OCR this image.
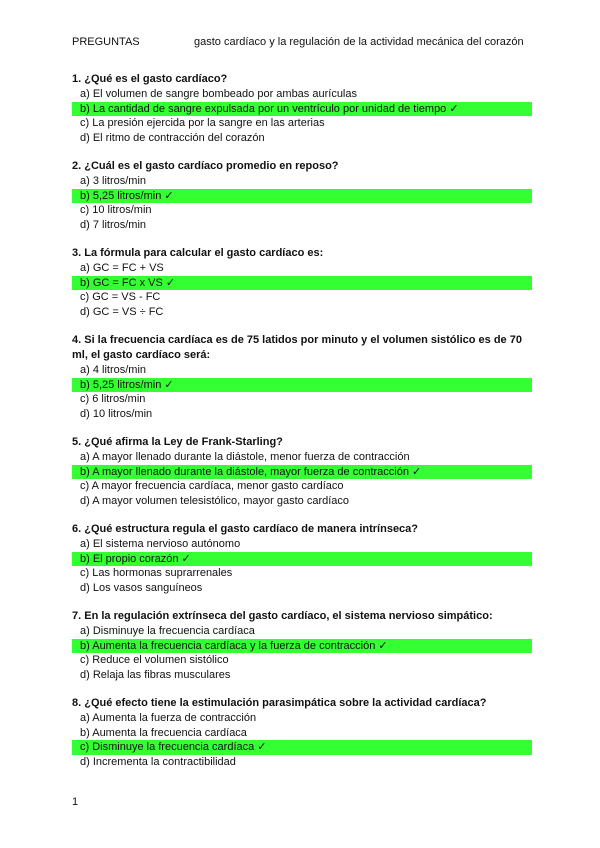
PREGUNTAS	gasto cardíaco y la regulación de la actividad mecánica del corazón
1. ¿Qué es el gasto cardíaco?
a) El volumen de sangre bombeado por ambas aurículas
b) La cantidad de sangre expulsada por un ventrículo por unidad de tiempo ✓
c) La presión ejercida por la sangre en las arterias
d) El ritmo de contracción del corazón
2. ¿Cuál es el gasto cardíaco promedio en reposo?
a) 3 litros/min
b) 5,25 litros/min ✓
c) 10 litros/min
d) 7 litros/min
3. La fórmula para calcular el gasto cardíaco es:
a) GC = FC + VS
b) GC = FC x VS ✓
c) GC = VS - FC
d) GC = VS ÷ FC
4. Si la frecuencia cardíaca es de 75 latidos por minuto y el volumen sistólico es de 70 ml, el gasto cardíaco será:
a) 4 litros/min
b) 5,25 litros/min ✓
c) 6 litros/min
d) 10 litros/min
5. ¿Qué afirma la Ley de Frank-Starling?
a) A mayor llenado durante la diástole, menor fuerza de contracción
b) A mayor llenado durante la diástole, mayor fuerza de contracción ✓
c) A mayor frecuencia cardíaca, menor gasto cardíaco
d) A mayor volumen telesistólico, mayor gasto cardíaco
6. ¿Qué estructura regula el gasto cardíaco de manera intrínseca?
a) El sistema nervioso autónomo
b) El propio corazón ✓
c) Las hormonas suprarrenales
d) Los vasos sanguíneos
7. En la regulación extrínseca del gasto cardíaco, el sistema nervioso simpático:
a) Disminuye la frecuencia cardíaca
b) Aumenta la frecuencia cardíaca y la fuerza de contracción ✓
c) Reduce el volumen sistólico
d) Relaja las fibras musculares
8. ¿Qué efecto tiene la estimulación parasimpática sobre la actividad cardíaca?
a) Aumenta la fuerza de contracción
b) Aumenta la frecuencia cardíaca
c) Disminuye la frecuencia cardíaca ✓
d) Incrementa la contractibilidad
1
